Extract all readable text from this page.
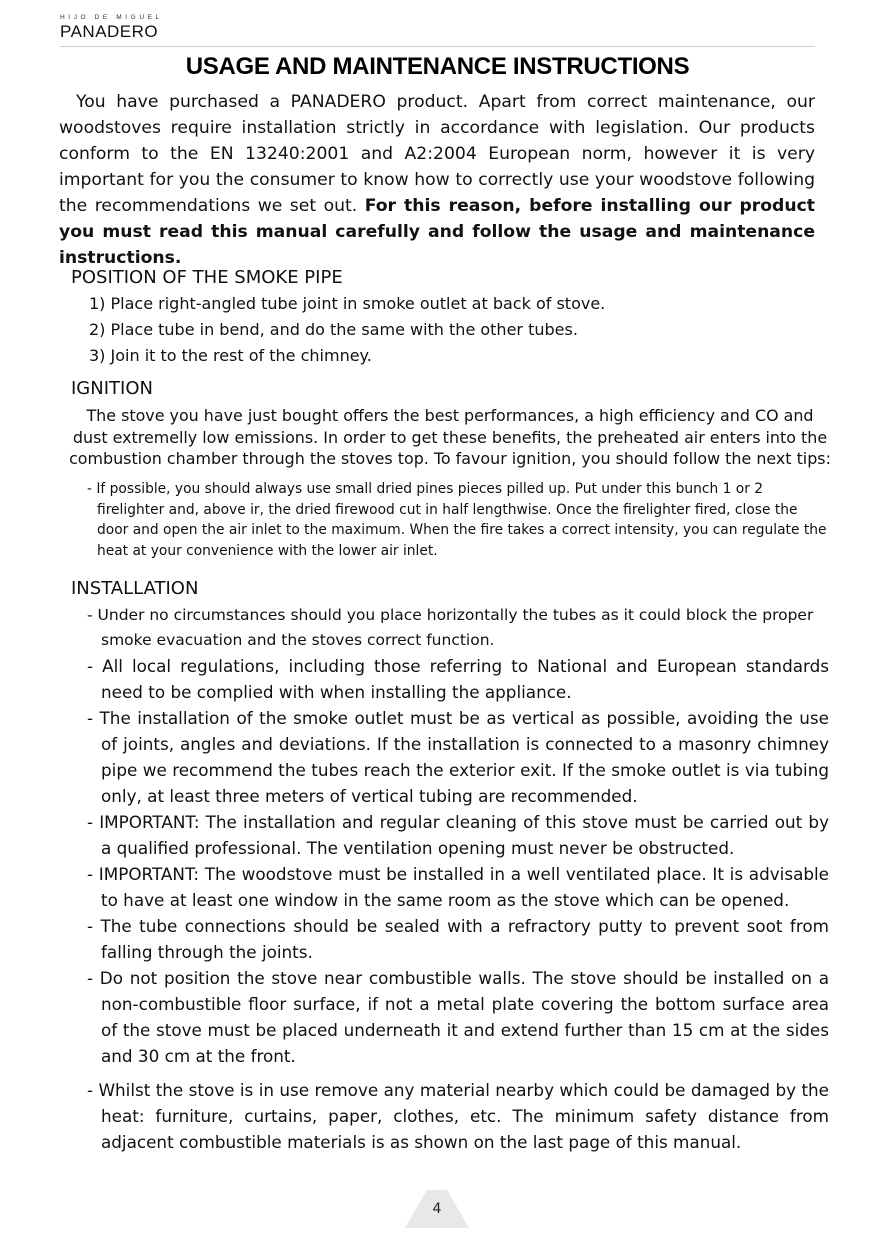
HIJO DE MIGUEL
PANADERO
USAGE AND MAINTENANCE INSTRUCTIONS
You have purchased a PANADERO product. Apart from correct maintenance, our woodstoves require installation strictly in accordance with legislation. Our products conform to the EN 13240:2001 and A2:2004 European norm, however it is very important for you the consumer to know how to correctly use your woodstove following the recommendations we set out. For this reason, before installing our product you must read this manual carefully and follow the usage and maintenance instructions.
POSITION OF THE SMOKE PIPE
1) Place right-angled tube joint in smoke outlet at back of stove.
2) Place tube in bend, and do the same with the other tubes.
3) Join it to the rest of the chimney.
IGNITION
The stove you have just bought offers the best performances, a high efficiency and CO and
dust extremelly low emissions. In order to get these benefits, the preheated air enters into the
combustion chamber through the stoves top. To favour ignition, you should follow the next tips:
- If possible, you should always use small dried pines pieces pilled up. Put under this bunch 1 or 2 firelighter and, above ir, the dried firewood cut in half lengthwise. Once the firelighter fired, close the door and open the air inlet to the maximum. When the fire takes a correct intensity, you can regulate the heat at your convenience with the lower air inlet.
INSTALLATION
- Under no circumstances should you place horizontally the tubes as it could block the proper smoke evacuation and the stoves correct function.
- All local regulations, including those referring to National and European standards need to be complied with when installing the appliance.
- The installation of the smoke outlet must be as vertical as possible, avoiding the use of joints, angles and deviations. If the installation is connected to a masonry chimney pipe we recommend the tubes reach the exterior exit. If the smoke outlet is via tubing only, at least three meters of vertical tubing are recommended.
- IMPORTANT: The installation and regular cleaning of this stove must be carried out by a qualified professional. The ventilation opening must never be obstructed.
- IMPORTANT: The woodstove must be installed in a well ventilated place. It is advisable to have at least one window in the same room as the stove which can be opened.
- The tube connections should be sealed with a refractory putty to prevent soot from falling through the joints.
- Do not position the stove near combustible walls. The stove should be installed on a non-combustible floor surface, if not a metal plate covering the bottom surface area of the stove must be placed underneath it and extend further than 15 cm at the sides and 30 cm at the front.
- Whilst the stove is in use remove any material nearby which could be damaged by the heat: furniture, curtains, paper, clothes, etc. The minimum safety distance from adjacent combustible materials is as shown on the last page of this manual.
4
